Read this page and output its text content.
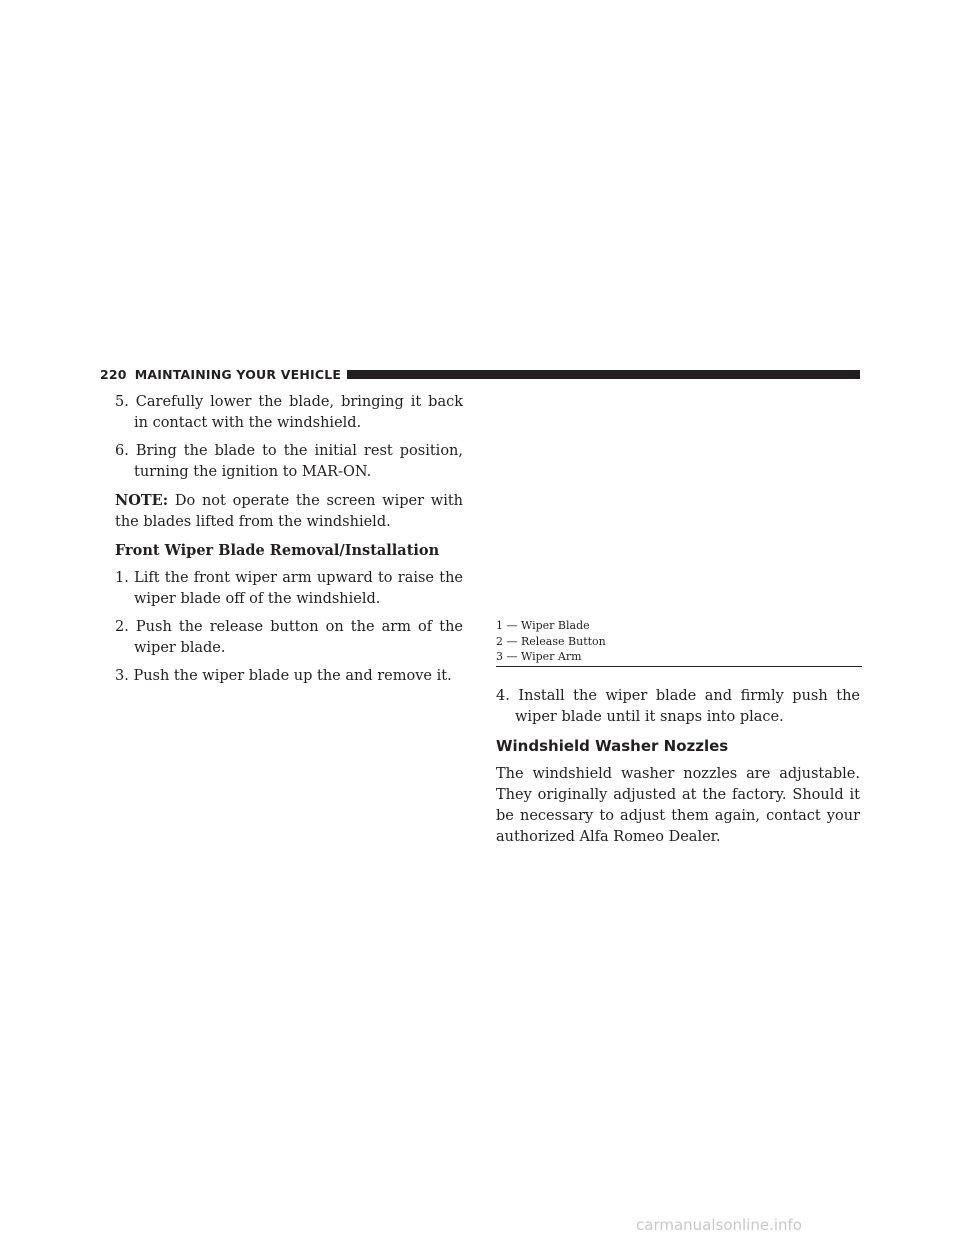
220 MAINTAINING YOUR VEHICLE

5. Carefully lower the blade, bringing it back in contact with the windshield.

6. Bring the blade to the initial rest position, turning the ignition to MAR-ON.

NOTE: Do not operate the screen wiper with the blades lifted from the windshield.

Front Wiper Blade Removal/Installation

1. Lift the front wiper arm upward to raise the wiper blade off of the windshield.

2. Push the release button on the arm of the wiper blade.

3. Push the wiper blade up the and remove it.

1 — Wiper Blade
2 — Release Button
3 — Wiper Arm

4. Install the wiper blade and firmly push the wiper blade until it snaps into place.

Windshield Washer Nozzles

The windshield washer nozzles are adjustable. They originally adjusted at the factory. Should it be necessary to adjust them again, contact your authorized Alfa Romeo Dealer.

carmanualsonline.info
